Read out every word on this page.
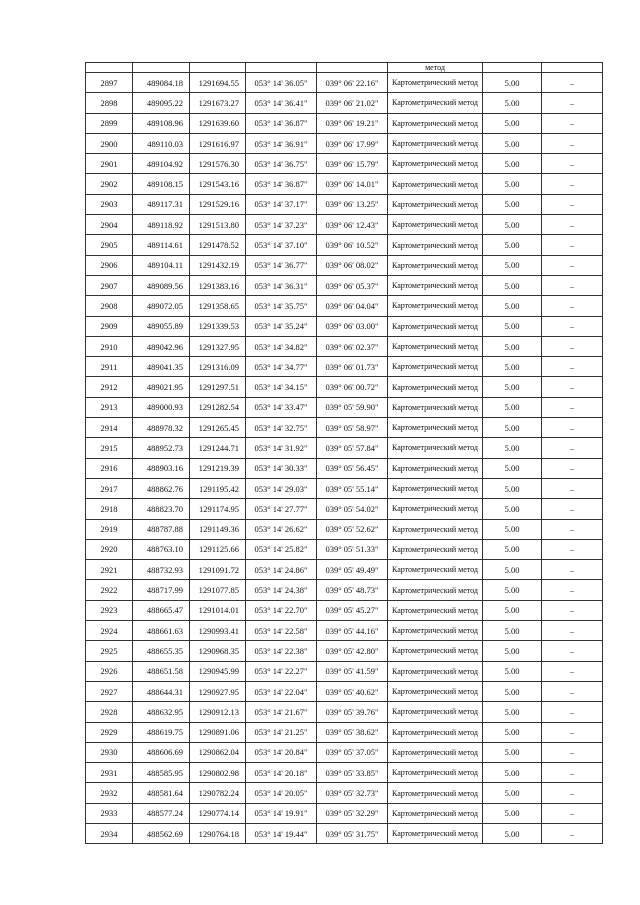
					метод		
2897	489084.18	1291694.55	053° 14' 36.05"	039° 06' 22.16"	Картометрический метод	5.00	–
2898	489095.22	1291673.27	053° 14' 36.41"	039° 06' 21.02"	Картометрический метод	5.00	–
2899	489108.96	1291639.60	053° 14' 36.87"	039° 06' 19.21"	Картометрический метод	5.00	–
2900	489110.03	1291616.97	053° 14' 36.91"	039° 06' 17.99"	Картометрический метод	5.00	–
2901	489104.92	1291576.30	053° 14' 36.75"	039° 06' 15.79"	Картометрический метод	5.00	–
2902	489108.15	1291543.16	053° 14' 36.87"	039° 06' 14.01"	Картометрический метод	5.00	–
2903	489117.31	1291529.16	053° 14' 37.17"	039° 06' 13.25"	Картометрический метод	5.00	–
2904	489118.92	1291513.80	053° 14' 37.23"	039° 06' 12.43"	Картометрический метод	5.00	–
2905	489114.61	1291478.52	053° 14' 37.10"	039° 06' 10.52"	Картометрический метод	5.00	–
2906	489104.11	1291432.19	053° 14' 36.77"	039° 06' 08.02"	Картометрический метод	5.00	–
2907	489089.56	1291383.16	053° 14' 36.31"	039° 06' 05.37"	Картометрический метод	5.00	–
2908	489072.05	1291358.65	053° 14' 35.75"	039° 06' 04.04"	Картометрический метод	5.00	–
2909	489055.89	1291339.53	053° 14' 35.24"	039° 06' 03.00"	Картометрический метод	5.00	–
2910	489042.96	1291327.95	053° 14' 34.82"	039° 06' 02.37"	Картометрический метод	5.00	–
2911	489041.35	1291316.09	053° 14' 34.77"	039° 06' 01.73"	Картометрический метод	5.00	–
2912	489021.95	1291297.51	053° 14' 34.15"	039° 06' 00.72"	Картометрический метод	5.00	–
2913	489000.93	1291282.54	053° 14' 33.47"	039° 05' 59.90"	Картометрический метод	5.00	–
2914	488978.32	1291265.45	053° 14' 32.75"	039° 05' 58.97"	Картометрический метод	5.00	–
2915	488952.73	1291244.71	053° 14' 31.92"	039° 05' 57.84"	Картометрический метод	5.00	–
2916	488903.16	1291219.39	053° 14' 30.33"	039° 05' 56.45"	Картометрический метод	5.00	–
2917	488862.76	1291195.42	053° 14' 29.03"	039° 05' 55.14"	Картометрический метод	5.00	–
2918	488823.70	1291174.95	053° 14' 27.77"	039° 05' 54.02"	Картометрический метод	5.00	–
2919	488787.88	1291149.36	053° 14' 26.62"	039° 05' 52.62"	Картометрический метод	5.00	–
2920	488763.10	1291125.66	053° 14' 25.82"	039° 05' 51.33"	Картометрический метод	5.00	–
2921	488732.93	1291091.72	053° 14' 24.86"	039° 05' 49.49"	Картометрический метод	5.00	–
2922	488717.99	1291077.85	053° 14' 24.38"	039° 05' 48.73"	Картометрический метод	5.00	–
2923	488665.47	1291014.01	053° 14' 22.70"	039° 05' 45.27"	Картометрический метод	5.00	–
2924	488661.63	1290993.41	053° 14' 22.58"	039° 05' 44.16"	Картометрический метод	5.00	–
2925	488655.35	1290968.35	053° 14' 22.38"	039° 05' 42.80"	Картометрический метод	5.00	–
2926	488651.58	1290945.99	053° 14' 22.27"	039° 05' 41.59"	Картометрический метод	5.00	–
2927	488644.31	1290927.95	053° 14' 22.04"	039° 05' 40.62"	Картометрический метод	5.00	–
2928	488632.95	1290912.13	053° 14' 21.67"	039° 05' 39.76"	Картометрический метод	5.00	–
2929	488619.75	1290891.06	053° 14' 21.25"	039° 05' 38.62"	Картометрический метод	5.00	–
2930	488606.69	1290862.04	053° 14' 20.84"	039° 05' 37.05"	Картометрический метод	5.00	–
2931	488585.95	1290802.98	053° 14' 20.18"	039° 05' 33.85"	Картометрический метод	5.00	–
2932	488581.64	1290782.24	053° 14' 20.05"	039° 05' 32.73"	Картометрический метод	5.00	–
2933	488577.24	1290774.14	053° 14' 19.91"	039° 05' 32.29"	Картометрический метод	5.00	–
2934	488562.69	1290764.18	053° 14' 19.44"	039° 05' 31.75"	Картометрический метод	5.00	–
